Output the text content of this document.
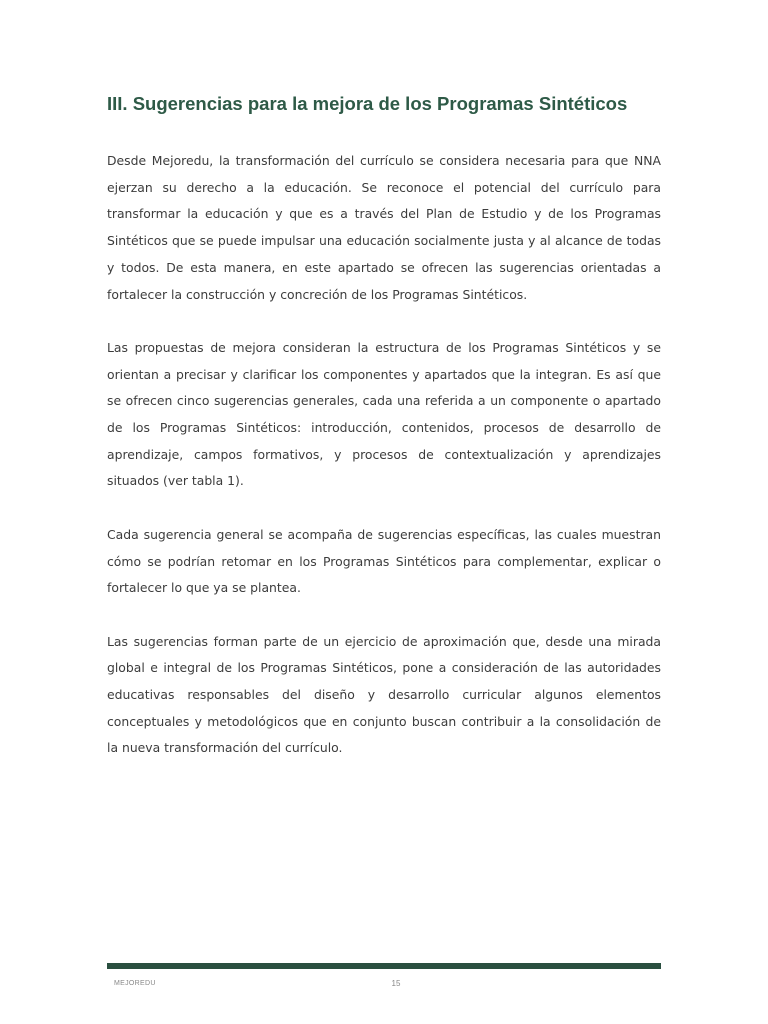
III. Sugerencias para la mejora de los Programas Sintéticos

Desde Mejoredu, la transformación del currículo se considera necesaria para que NNA ejerzan su derecho a la educación. Se reconoce el potencial del currículo para transformar la educación y que es a través del Plan de Estudio y de los Programas Sintéticos que se puede impulsar una educación socialmente justa y al alcance de todas y todos. De esta manera, en este apartado se ofrecen las sugerencias orientadas a fortalecer la construcción y concreción de los Programas Sintéticos.

Las propuestas de mejora consideran la estructura de los Programas Sintéticos y se orientan a precisar y clarificar los componentes y apartados que la integran. Es así que se ofrecen cinco sugerencias generales, cada una referida a un componente o apartado de los Programas Sintéticos: introducción, contenidos, procesos de desarrollo de aprendizaje, campos formativos, y procesos de contextualización y aprendizajes situados (ver tabla 1).

Cada sugerencia general se acompaña de sugerencias específicas, las cuales muestran cómo se podrían retomar en los Programas Sintéticos para complementar, explicar o fortalecer lo que ya se plantea.

Las sugerencias forman parte de un ejercicio de aproximación que, desde una mirada global e integral de los Programas Sintéticos, pone a consideración de las autoridades educativas responsables del diseño y desarrollo curricular algunos elementos conceptuales y metodológicos que en conjunto buscan contribuir a la consolidación de la nueva transformación del currículo.

MEJOREDU	15
